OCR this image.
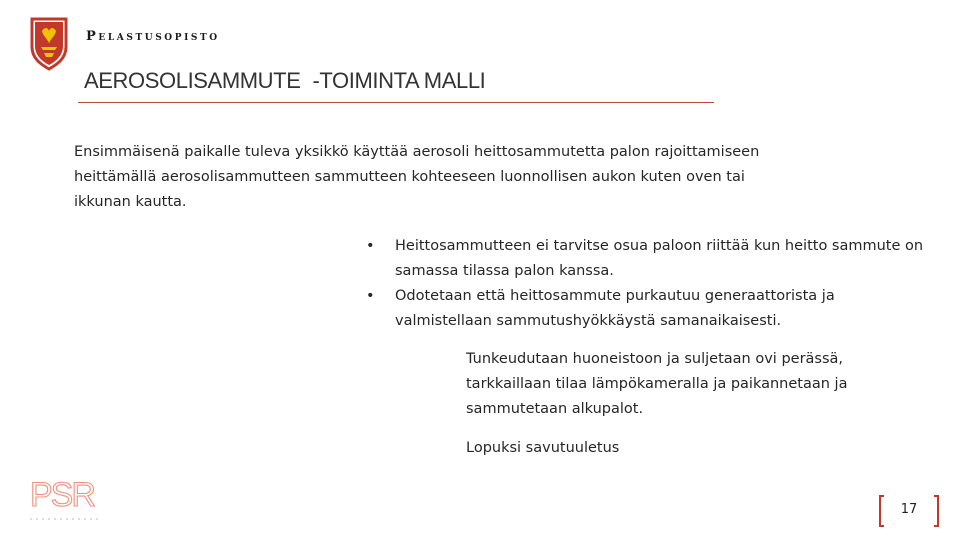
Pelastusopisto
AEROSOLISAMMUTE -TOIMINTA MALLI
Ensimmäisenä paikalle tuleva yksikkö käyttää aerosoli heittosammutetta palon rajoittamiseen heittämällä aerosolisammutteen sammutteen kohteeseen luonnollisen aukon kuten oven tai ikkunan kautta.
•	Heittosammutteen ei tarvitse osua paloon riittää kun heitto sammute on samassa tilassa palon kanssa.
•	Odotetaan että heittosammute purkautuu generaattorista ja valmistellaan sammutushyökkäystä samanaikaisesti.
Tunkeudutaan huoneistoon ja suljetaan ovi perässä, tarkkaillaan tilaa lämpökameralla ja paikannetaan ja sammutetaan alkupalot.
Lopuksi savutuuletus
PSR	17
